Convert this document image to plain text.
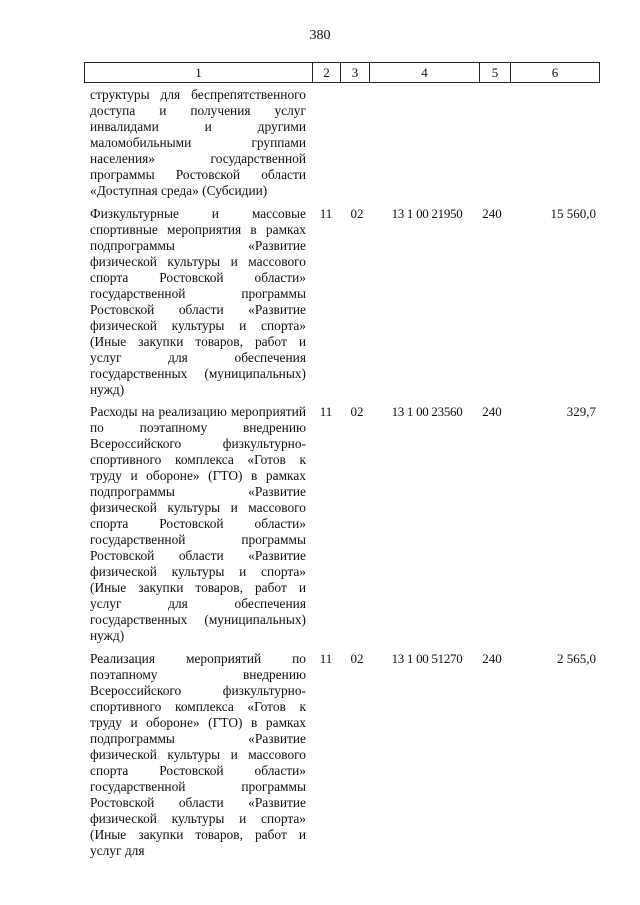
380
1	2	3	4	5	6
структуры для беспрепятственного доступа и получения услуг инвалидами и другими маломобильными группами населения» государственной программы Ростовской области «Доступная среда» (Субсидии)
Физкультурные и массовые спортивные мероприятия в рамках подпрограммы «Развитие физической культуры и массового спорта Ростовской области» государственной программы Ростовской области «Развитие физической культуры и спорта» (Иные закупки товаров, работ и услуг для обеспечения государственных (муниципальных) нужд)
11	02	13 1 00 21950	240	15 560,0
Расходы на реализацию мероприятий по поэтапному внедрению Всероссийского физкультурно-спортивного комплекса «Готов к труду и обороне» (ГТО) в рамках подпрограммы «Развитие физической культуры и массового спорта Ростовской области» государственной программы Ростовской области «Развитие физической культуры и спорта» (Иные закупки товаров, работ и услуг для обеспечения государственных (муниципальных) нужд)
11	02	13 1 00 23560	240	329,7
Реализация мероприятий по поэтапному внедрению Всероссийского физкультурно-спортивного комплекса «Готов к труду и обороне» (ГТО) в рамках подпрограммы «Развитие физической культуры и массового спорта Ростовской области» государственной программы Ростовской области «Развитие физической культуры и спорта» (Иные закупки товаров, работ и услуг для
11	02	13 1 00 51270	240	2 565,0
